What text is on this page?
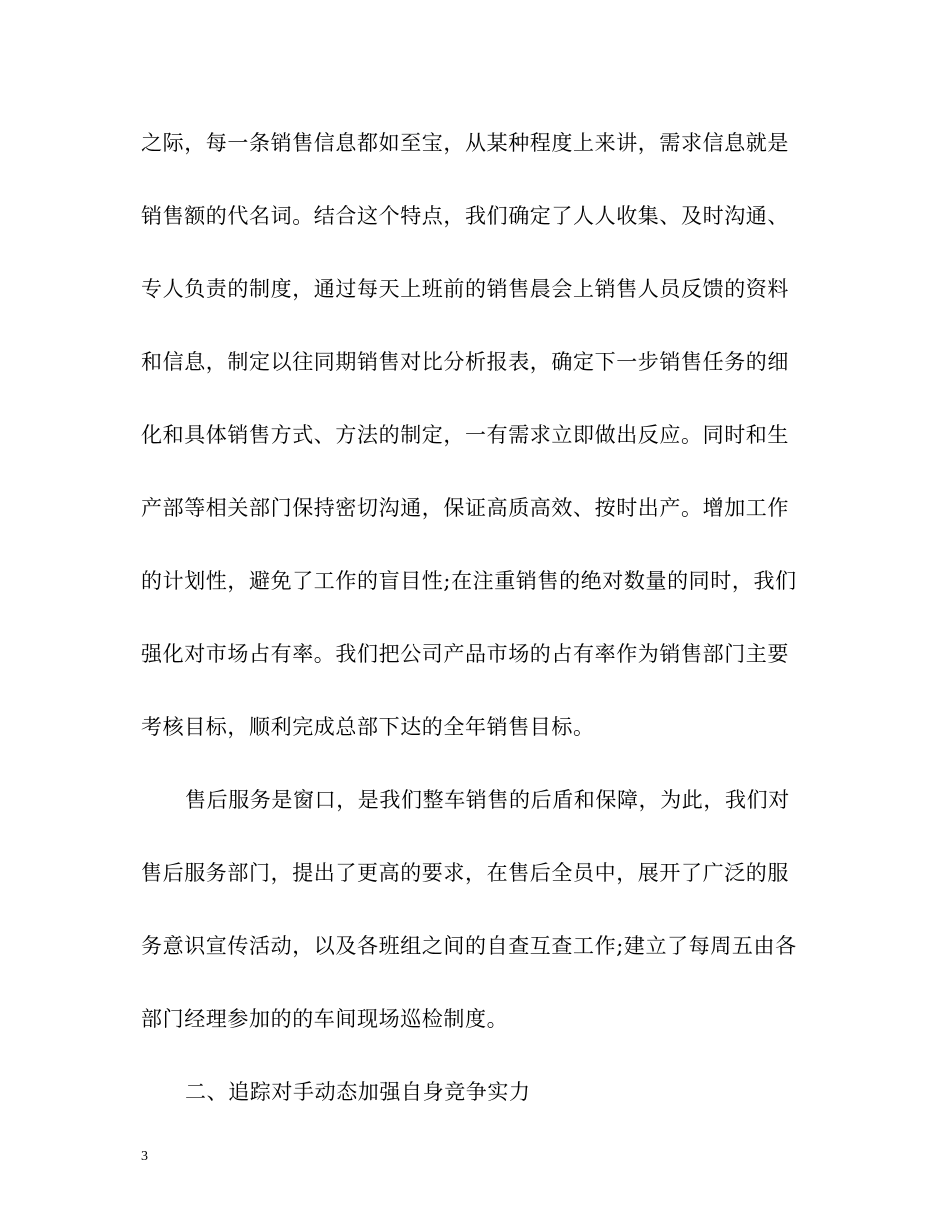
之际，每一条销售信息都如至宝，从某种程度上来讲，需求信息就是
销售额的代名词。结合这个特点，我们确定了人人收集、及时沟通、
专人负责的制度，通过每天上班前的销售晨会上销售人员反馈的资料
和信息，制定以往同期销售对比分析报表，确定下一步销售任务的细
化和具体销售方式、方法的制定，一有需求立即做出反应。同时和生
产部等相关部门保持密切沟通，保证高质高效、按时出产。增加工作
的计划性，避免了工作的盲目性;在注重销售的绝对数量的同时，我们
强化对市场占有率。我们把公司产品市场的占有率作为销售部门主要
考核目标，顺利完成总部下达的全年销售目标。
售后服务是窗口，是我们整车销售的后盾和保障，为此，我们对
售后服务部门，提出了更高的要求，在售后全员中，展开了广泛的服
务意识宣传活动，以及各班组之间的自查互查工作;建立了每周五由各
部门经理参加的的车间现场巡检制度。
二、追踪对手动态加强自身竞争实力
3
